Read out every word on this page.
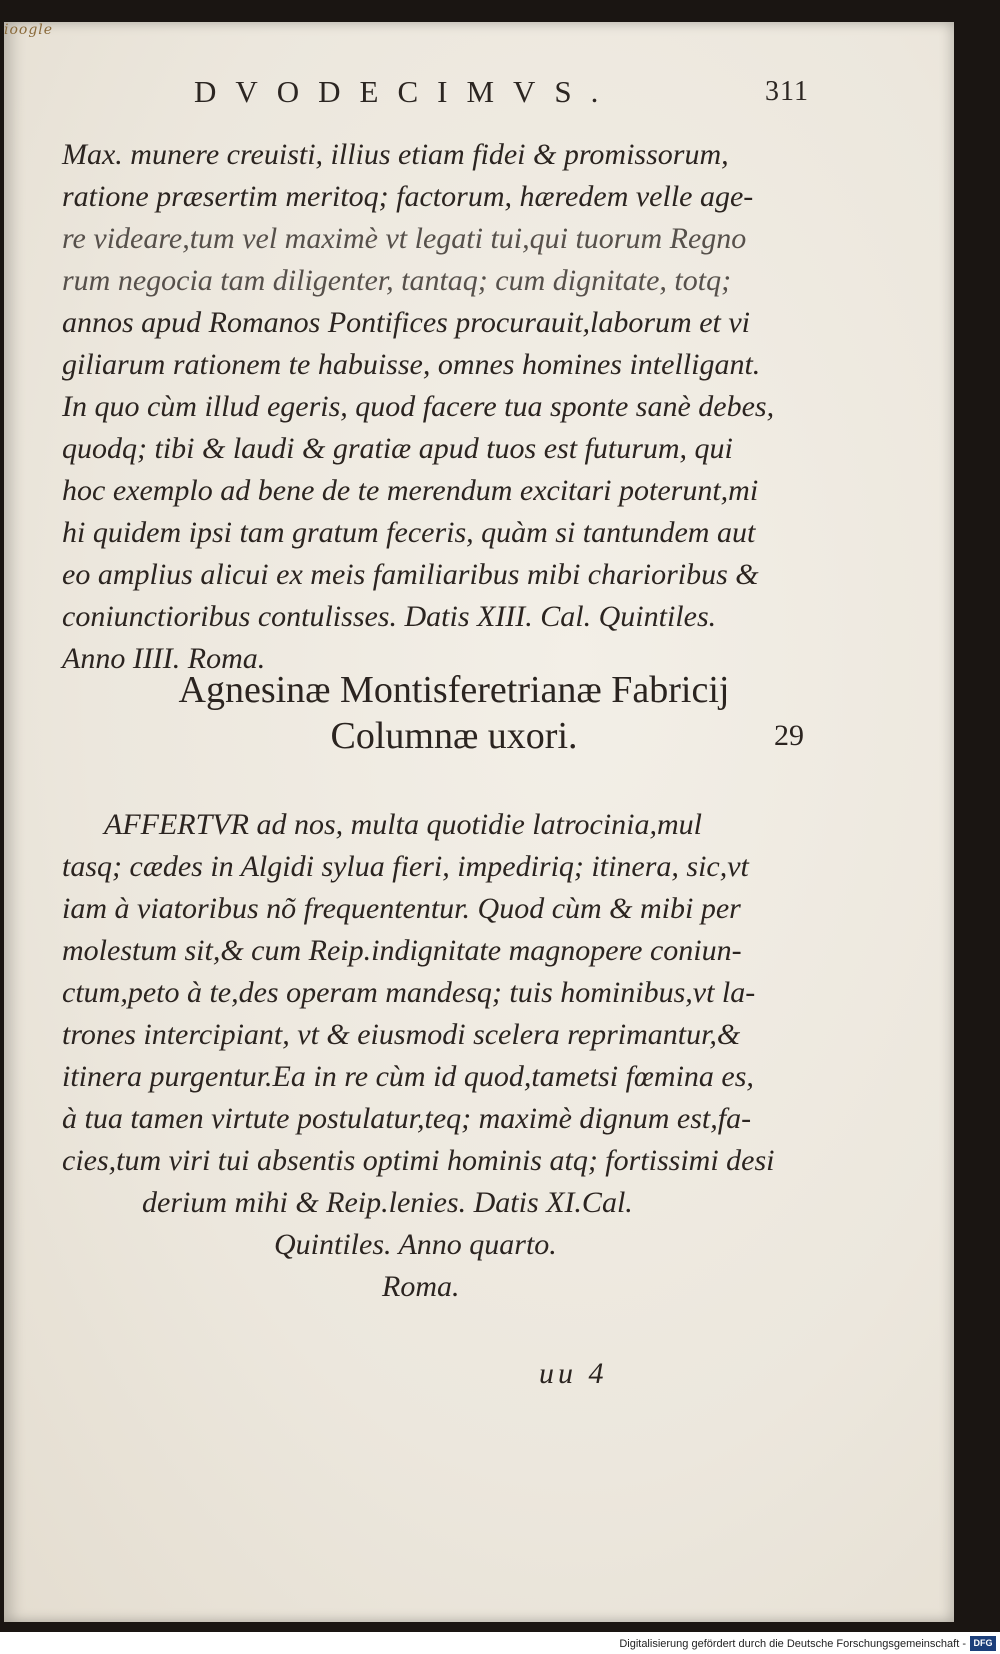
ioogle
DVODECIMVS.	311
Max. munere creuisti, illius etiam fidei & promissorum,
ratione præsertim meritoq; factorum, hæredem velle age-
re videare,tum vel maximè vt legati tui,qui tuorum Regno
rum negocia tam diligenter, tantaq; cum dignitate, totq;
annos apud Romanos Pontifices procurauit,laborum et vi
giliarum rationem te habuisse, omnes homines intelligant.
In quo cùm illud egeris, quod facere tua sponte sanè debes,
quodq; tibi & laudi & gratiæ apud tuos est futurum, qui
hoc exemplo ad bene de te merendum excitari poterunt,mi
hi quidem ipsi tam gratum feceris, quàm si tantundem aut
eo amplius alicui ex meis familiaribus mibi charioribus &
coniunctioribus contulisses. Datis XIII. Cal. Quintiles.
Anno IIII. Roma.
Agnesinæ Montisferetrianæ Fabricij
Columnæ uxori.	29
AFFERTVR ad nos, multa quotidie latrocinia,mul
tasq; cædes in Algidi sylua fieri, impediriq; itinera, sic,vt
iam à viatoribus nõ frequententur. Quod cùm & mibi per
molestum sit,& cum Reip.indignitate magnopere coniun-
ctum,peto à te,des operam mandesq; tuis hominibus,vt la-
trones intercipiant, vt & eiusmodi scelera reprimantur,&
itinera purgentur.Ea in re cùm id quod,tametsi fœmina es,
à tua tamen virtute postulatur,teq; maximè dignum est,fa-
cies,tum viri tui absentis optimi hominis atq; fortissimi desi
derium mihi & Reip.lenies. Datis XI.Cal.
Quintiles. Anno quarto.
Roma.
uu 4
Digitalisierung gefördert durch die Deutsche Forschungsgemeinschaft - DFG
